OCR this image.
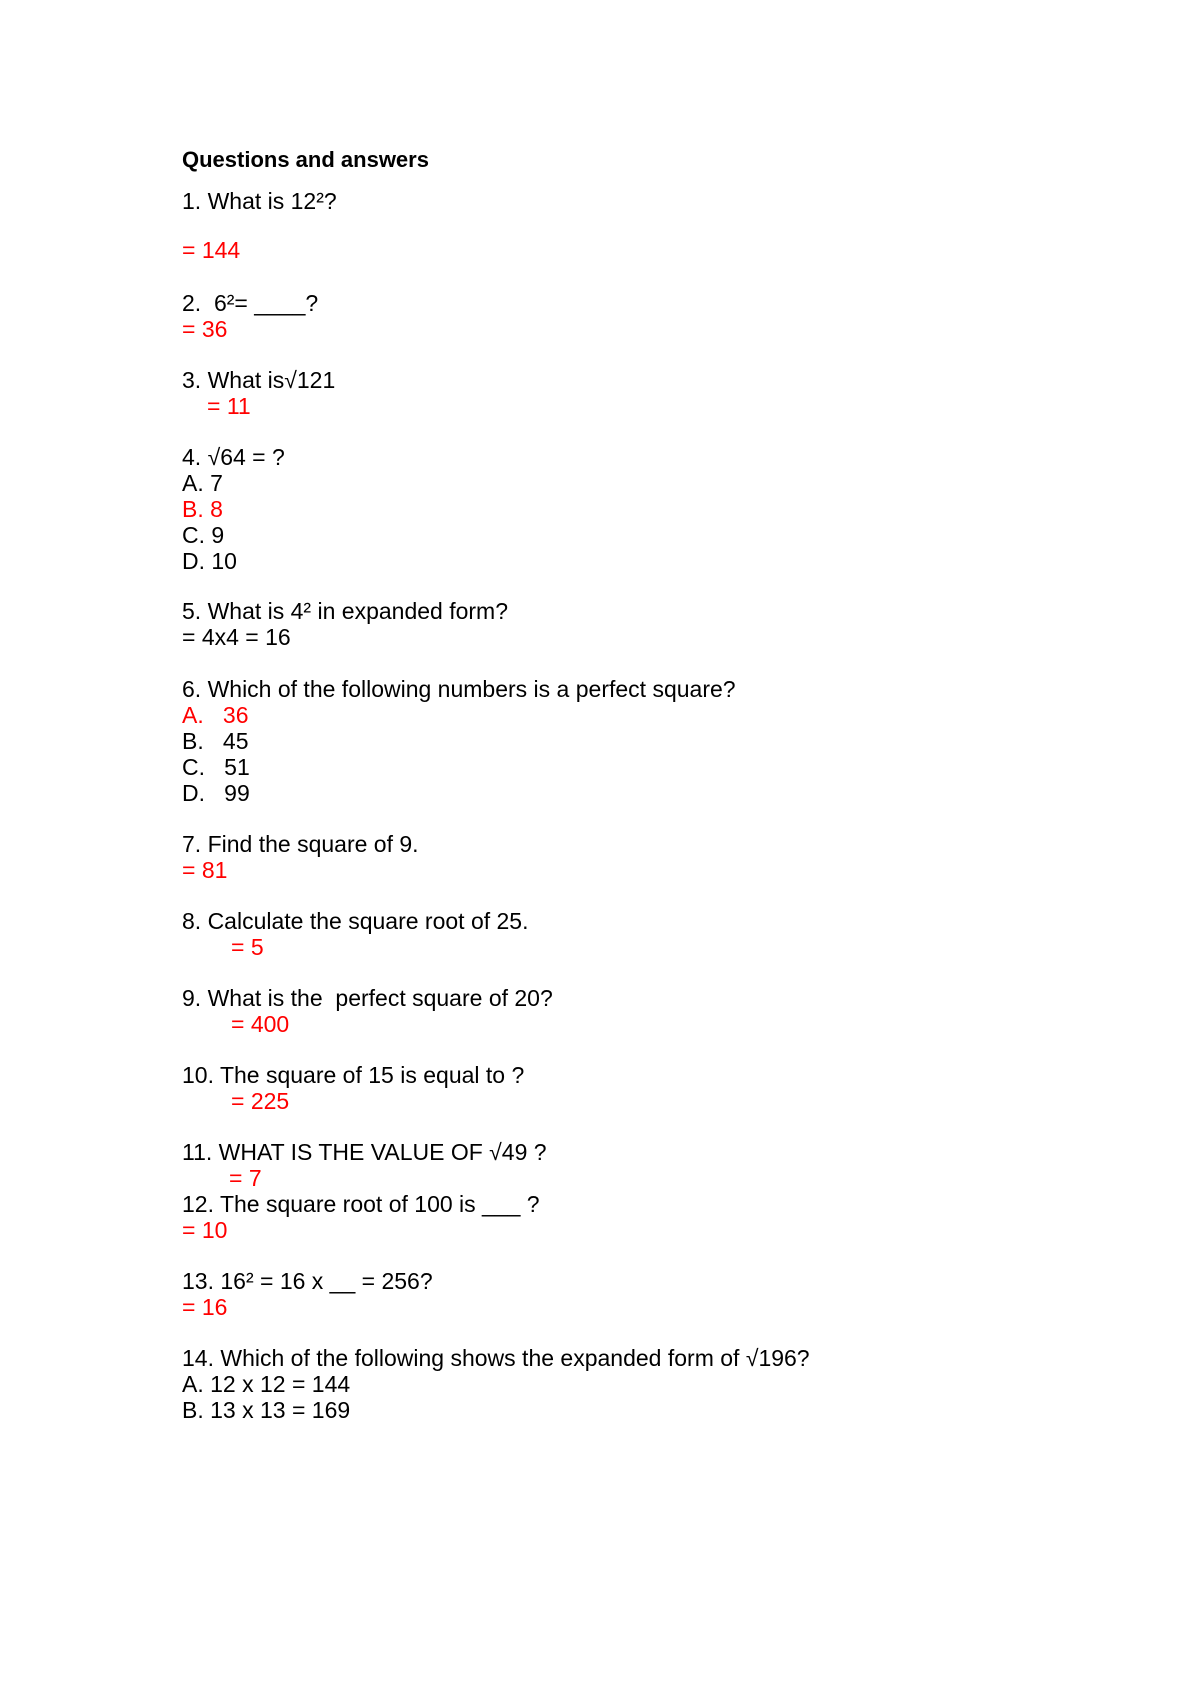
Questions and answers
1. What is 12²?
= 144
2.  6²= ____?
= 36
3. What is√121
= 11
4. √64 = ?
A. 7
B. 8
C. 9
D. 10
5. What is 4² in expanded form?
= 4x4 = 16
6. Which of the following numbers is a perfect square?
A.   36
B.   45
C.   51
D.   99
7. Find the square of 9.
= 81
8. Calculate the square root of 25.
= 5
9. What is the  perfect square of 20?
= 400
10. The square of 15 is equal to ?
= 225
11. WHAT IS THE VALUE OF √49 ?
= 7
12. The square root of 100 is ___ ?
= 10
13. 16² = 16 x __ = 256?
= 16
14. Which of the following shows the expanded form of √196?
A. 12 x 12 = 144
B. 13 x 13 = 169
